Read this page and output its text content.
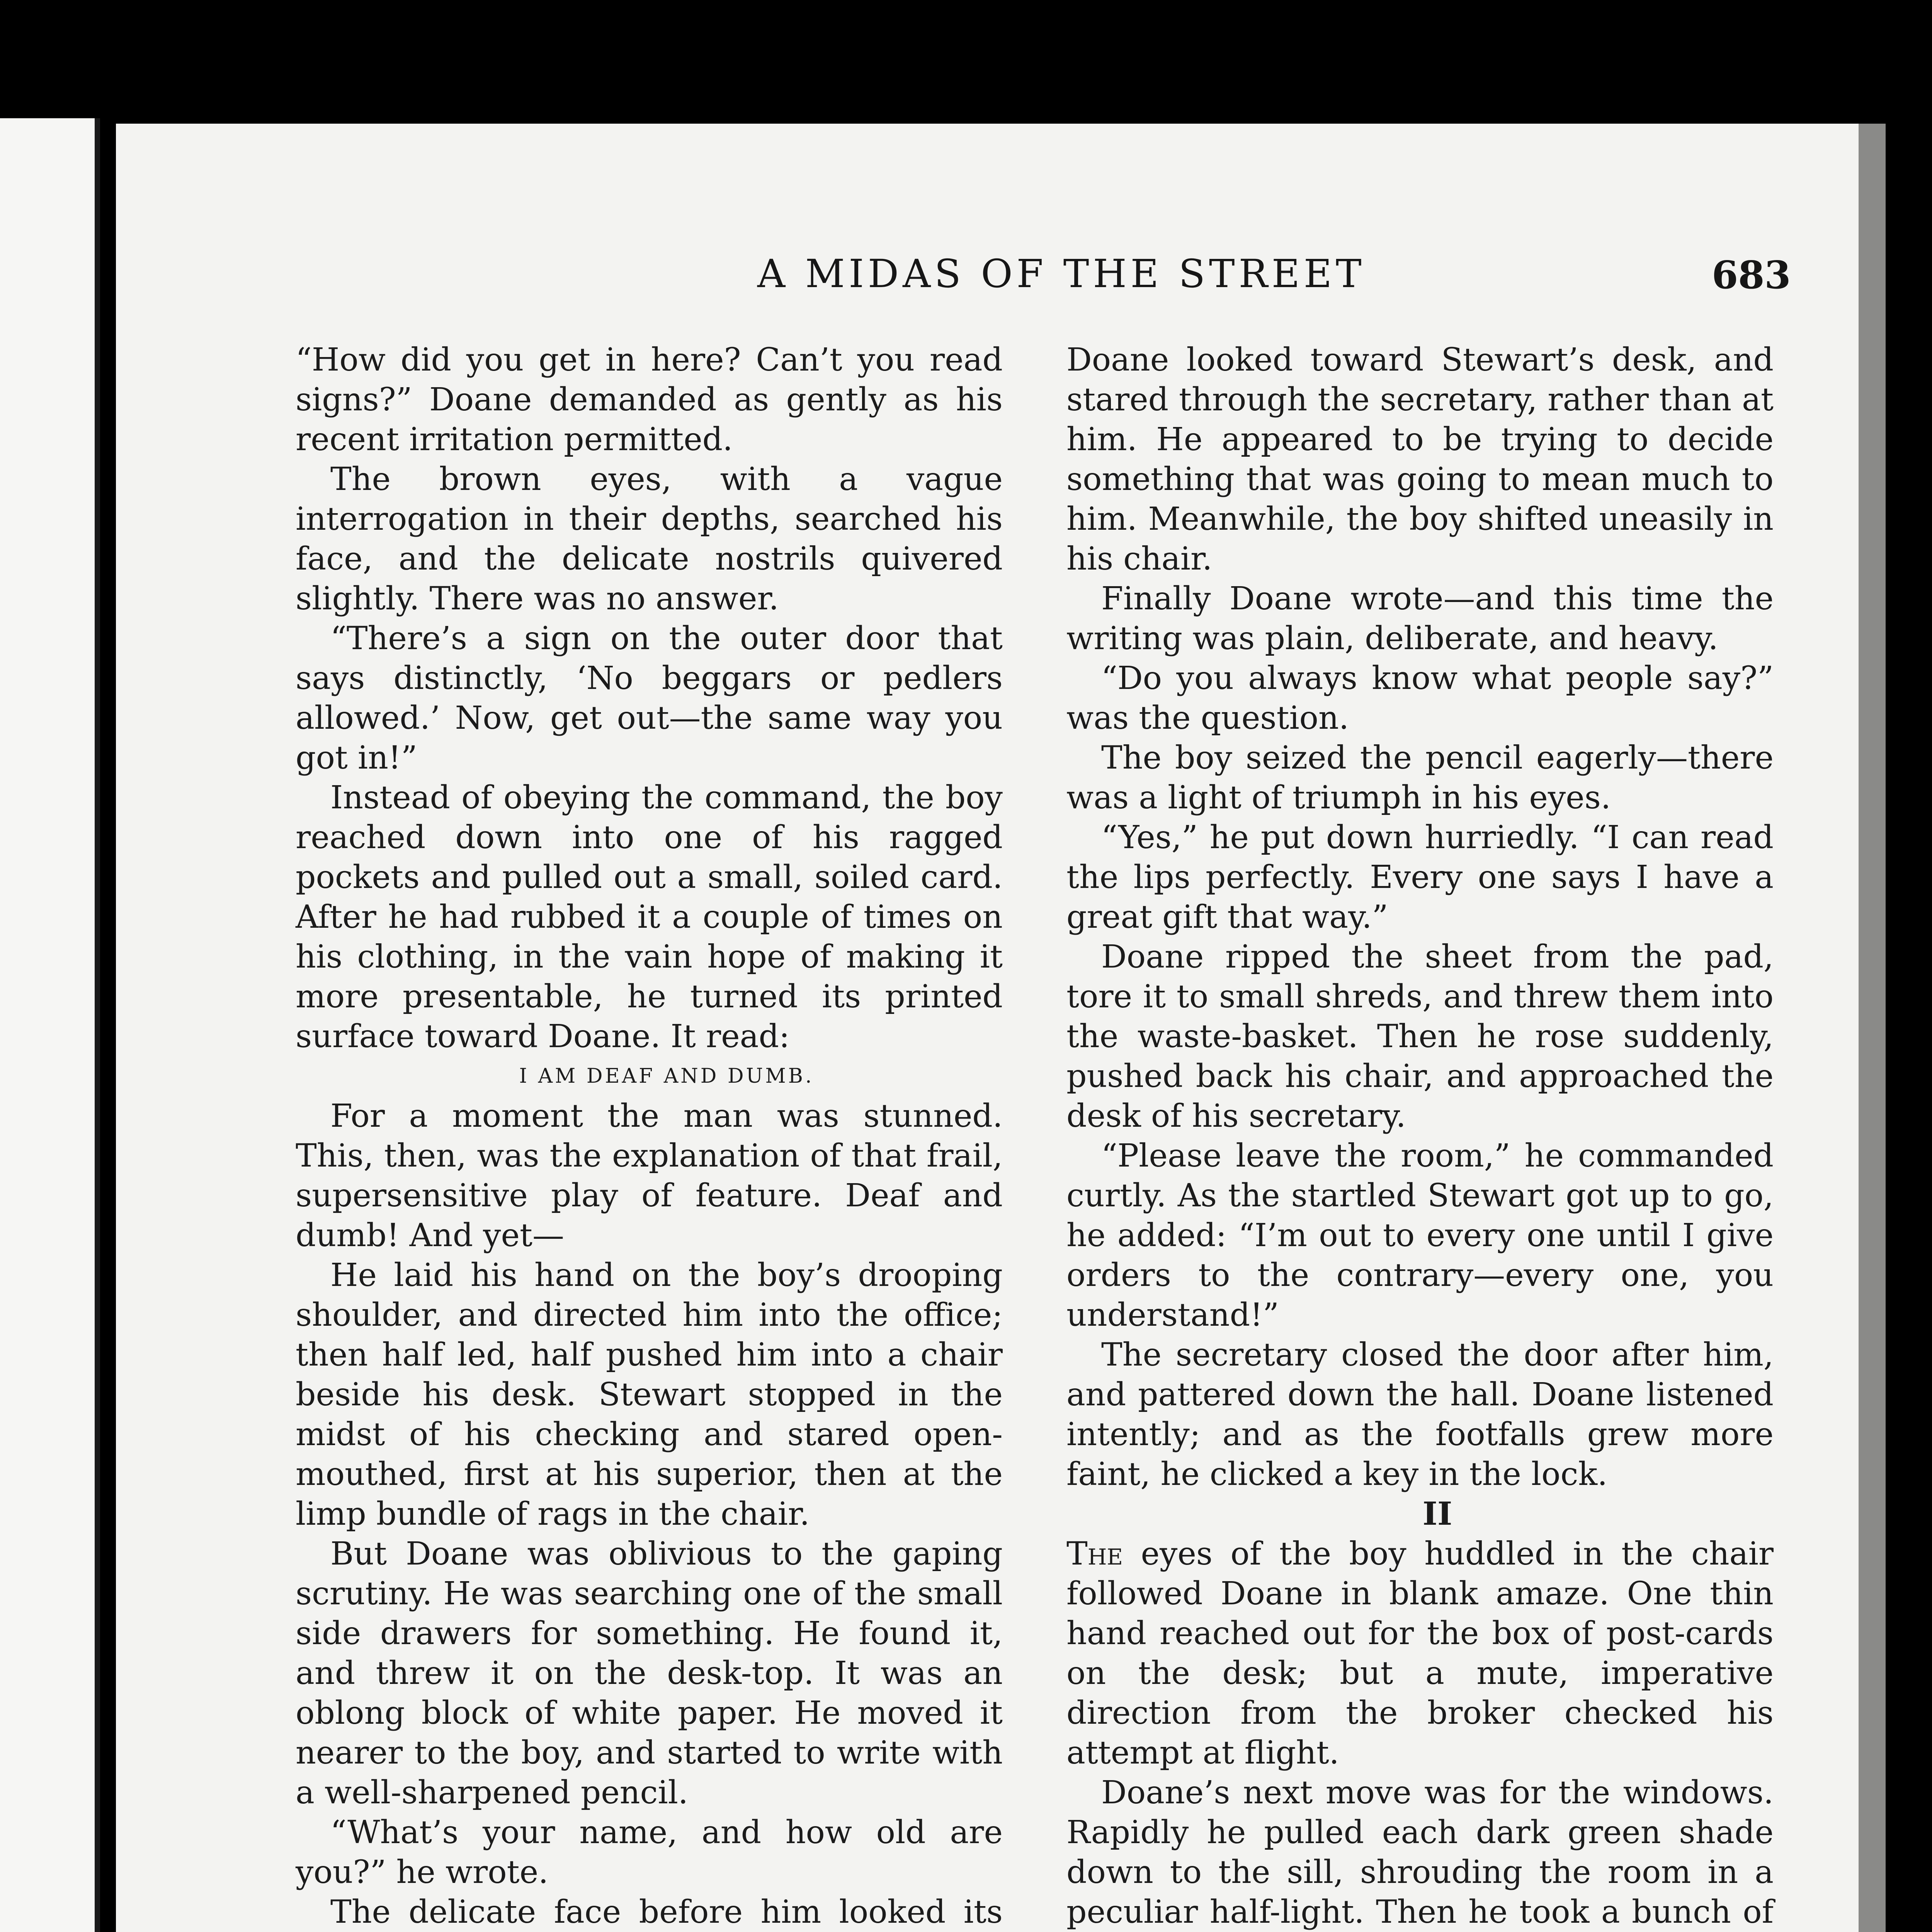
A MIDAS OF THE STREET	683

“How did you get in here? Can’t you read signs?” Doane demanded as gently as his recent irritation permitted.

The brown eyes, with a vague interrogation in their depths, searched his face, and the delicate nostrils quivered slightly. There was no answer.

“There’s a sign on the outer door that says distinctly, ‘No beggars or pedlers allowed.’ Now, get out—the same way you got in!”

Instead of obeying the command, the boy reached down into one of his ragged pockets and pulled out a small, soiled card. After he had rubbed it a couple of times on his clothing, in the vain hope of making it more presentable, he turned its printed surface toward Doane. It read:

I AM DEAF AND DUMB.

For a moment the man was stunned. This, then, was the explanation of that frail, supersensitive play of feature. Deaf and dumb! And yet—

He laid his hand on the boy’s drooping shoulder, and directed him into the office; then half led, half pushed him into a chair beside his desk. Stewart stopped in the midst of his checking and stared open-mouthed, first at his superior, then at the limp bundle of rags in the chair.

But Doane was oblivious to the gaping scrutiny. He was searching one of the small side drawers for something. He found it, and threw it on the desk-top. It was an oblong block of white paper. He moved it nearer to the boy, and started to write with a well-sharpened pencil.

“What’s your name, and how old are you?” he wrote.

The delicate face before him looked its

Doane looked toward Stewart’s desk, and stared through the secretary, rather than at him. He appeared to be trying to decide something that was going to mean much to him. Meanwhile, the boy shifted uneasily in his chair.

Finally Doane wrote—and this time the writing was plain, deliberate, and heavy.

“Do you always know what people say?” was the question.

The boy seized the pencil eagerly—there was a light of triumph in his eyes.

“Yes,” he put down hurriedly. “I can read the lips perfectly. Every one says I have a great gift that way.”

Doane ripped the sheet from the pad, tore it to small shreds, and threw them into the waste-basket. Then he rose suddenly, pushed back his chair, and approached the desk of his secretary.

“Please leave the room,” he commanded curtly. As the startled Stewart got up to go, he added: “I’m out to every one until I give orders to the contrary—every one, you understand!”

The secretary closed the door after him, and pattered down the hall. Doane listened intently; and as the footfalls grew more faint, he clicked a key in the lock.

II

The eyes of the boy huddled in the chair followed Doane in blank amaze. One thin hand reached out for the box of post-cards on the desk; but a mute, imperative direction from the broker checked his attempt at flight.

Doane’s next move was for the windows. Rapidly he pulled each dark green shade down to the sill, shrouding the room in a peculiar half-light. Then he took a bunch of
